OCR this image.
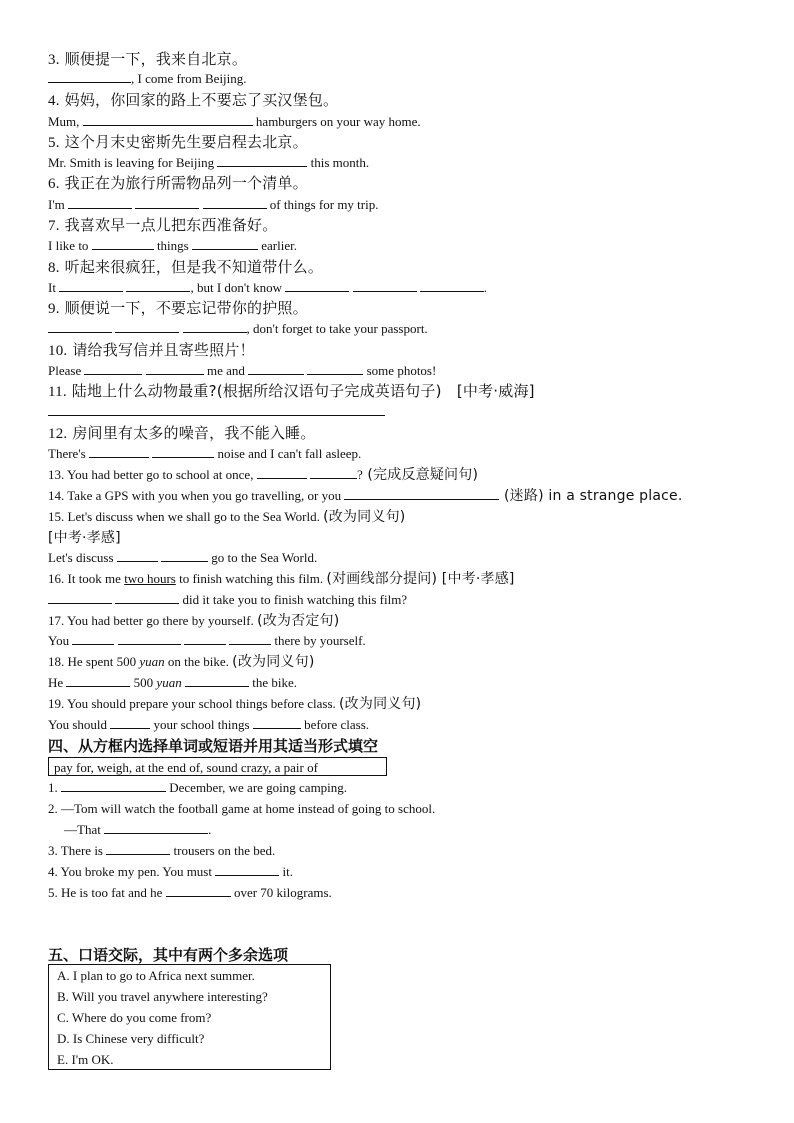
3. 顺便提一下，我来自北京。
, I come from Beijing.
4. 妈妈，你回家的路上不要忘了买汉堡包。
Mum,	hamburgers on your way home.
5. 这个月末史密斯先生要启程去北京。
Mr. Smith is leaving for Beijing	this month.
6. 我正在为旅行所需物品列一个清单。
I'm	of things for my trip.
7. 我喜欢早一点儿把东西准备好。
I like to	things	earlier.
8. 听起来很疯狂，但是我不知道带什么。
It	, but I don't know	.
9. 顺便说一下，不要忘记带你的护照。
, don't forget to take your passport.
10. 请给我写信并且寄些照片！
Please	me and	some photos!
11. 陆地上什么动物最重?(根据所给汉语句子完成英语句子)　 [中考·威海]
12. 房间里有太多的噪音，我不能入睡。
There's	noise and I can't fall asleep.
13. You had better go to school at once,	? (完成反意疑问句)
14. Take a GPS with you when you go travelling, or you	(迷路) in a strange place.
15. Let's discuss when we shall go to the Sea World. (改为同义句)
[中考·孝感]
Let's discuss	go to the Sea World.
16. It took me two hours to finish watching this film. (对画线部分提问) [中考·孝感]
did it take you to finish watching this film?
17. You had better go there by yourself. (改为否定句)
You	there by yourself.
18. He spent 500 yuan on the bike. (改为同义句)
He	500 yuan	the bike.
19. You should prepare your school things before class. (改为同义句)
You should	your school things	before class.
四、从方框内选择单词或短语并用其适当形式填空
pay for, weigh, at the end of, sound crazy, a pair of
1.	December, we are going camping.
2. —Tom will watch the football game at home instead of going to school.
—That	.
3. There is	trousers on the bed.
4. You broke my pen. You must	it.
5. He is too fat and he	over 70 kilograms.
五、口语交际，其中有两个多余选项
A. I plan to go to Africa next summer.
B. Will you travel anywhere interesting?
C. Where do you come from?
D. Is Chinese very difficult?
E. I'm OK.
